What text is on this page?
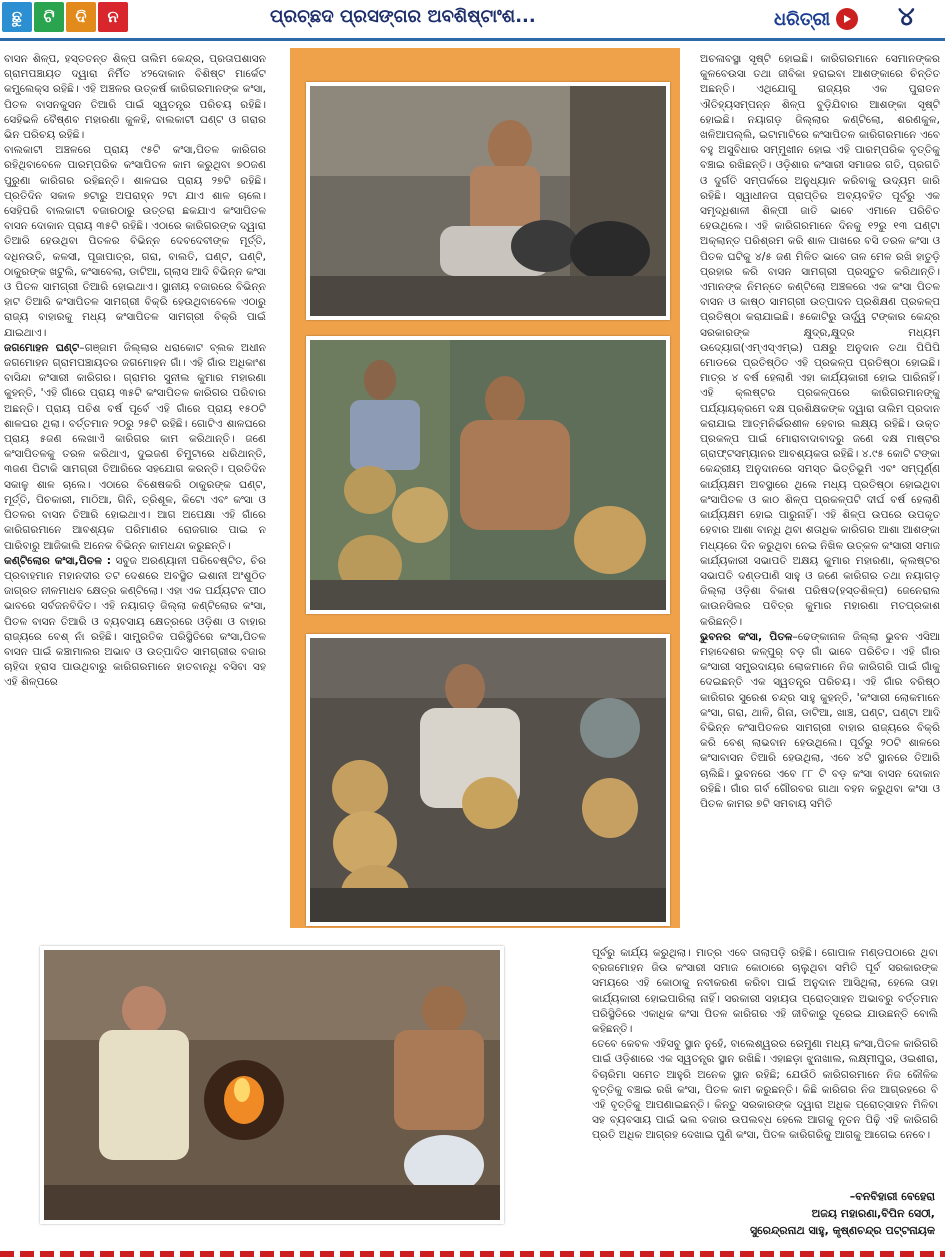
ଛୁ	ଟି	ଦି	ନ	ପ୍ରଚ୍ଛଦ ପ୍ରସଙ୍ଗର ଅବଶିଷ୍ଟାଂଶ...	ଧରିତ୍ରୀ	୪

ବାସନ ଶିଳ୍ପ, ହସ୍ତତନ୍ତ ଶିଳ୍ପ ତାଲିମ କେନ୍ଦ୍ର, ପ୍ରତାପଶାସନ ଗ୍ରାମପଞ୍ଚାୟତ ଦ୍ୱାରା ନିର୍ମିତ ୪୨ଦୋକାନ ବିଶିଷ୍ଟ ମାର୍କେଟ କମ୍ପ୍ଲେକ୍ସ ରହିଛି। ଏହି ଅଞ୍ଚଳର ଉତ୍କର୍ଷ କାରିଗରମାନଙ୍କ କଂସା, ପିତଳ ବାସନକୁସନ ତିଆରି ପାଇଁ ସ୍ୱତନ୍ତ୍ର ପରିଚୟ ରହିଛି। ସେହିଭଳି ବୈଷ୍ଣବ ମହାରଣା କୁଳହି, ବାଲକାଟୀ ଘଣ୍ଟ ଓ ଗରାର ଭିନ ପରିଚୟ ରହିଛି।

ବାଲକାଟୀ ଅଞ୍ଚଳରେ ପ୍ରାୟ ୯୫ଟି କଂସା,ପିତଳ କାରିଗର ରହିଥିବାବେଳେ ପାରମ୍ପରିକ କଂସାପିତଳ କାମ କରୁଥିବା ୭୦ଜଣ ପୁରୁଣା କାରିଗର ରହିଛନ୍ତି। ଶାଳଘର ପ୍ରାୟ ୨୭ଟି ରହିଛି। ପ୍ରତିଦିନ ସକାଳ ୭ଟାରୁ ଅପରାହ୍ନ ୨ଟା ଯାଏ ଶାଳ ଚାଲେ। ସେହିପରି ବାଲକାଟୀ ବଜାରଠାରୁ ଉତ୍ତରା ଛକଯାଏ କଂସାପିତଳ ବାସନ ଦୋକାନ ପ୍ରାୟ ୩୫ଟି ରହିଛି। ଏଠାରେ କାରିଗରଙ୍କ ଦ୍ୱାରା ତିଆରି ହେଉଥିବା ପିତଳର ବିଭିନ୍ନ ଦେବଦେବୀଙ୍କ ମୂର୍ତ୍ତି, ଦଧିନଉତି, କଳସୀ, ପୂଜାପାତ୍ର, ଗରା, ବାଲତି, ଘଣ୍ଟ, ଘଣ୍ଟି, ଠାକୁରଙ୍କ ଖଟୁଲି, କଂସାବେଲା, ଡାଟିଆ, ଗ୍ଲାସ ଆଦି ବିଭିନ୍ନ କଂସା ଓ ପିତଳ ସାମଗ୍ରୀ ତିଆରି ହୋଇଥାଏ। ସ୍ଥାନୀୟ ବଜାରରେ ବିଭିନ୍ନ ହାଟ ତିଆରି କଂସାପିତଳ ସାମଗ୍ରୀ ବିକ୍ରି ହେଉଥିବାବେଳେ ଏଠାରୁ ରାଜ୍ୟ ବାହାରକୁ ମଧ୍ୟ କଂସାପିତଳ ସାମଗ୍ରୀ ବିକ୍ରି ପାଇଁ ଯାଇଥାଏ।

ଜଗମୋହନ ଘଣ୍ଟ–ଗଞ୍ଜାମ ଜିଲ୍ଲାର ଧରାକୋଟ ବ୍ଲକ ଅଧୀନ ଜଗମୋହନ ଗ୍ରାମପଞ୍ଚାୟତର ଜଗମୋହନ ଗାଁ। ଏହି ଗାଁର ଅଧିକାଂଶ ବାସିନ୍ଦା କଂସାରୀ କାରିଗର। ଗ୍ରାମର ସୁନୀଲ କୁମାର ମହାରଣା କୁହନ୍ତି, 'ଏହି ଗାଁରେ ପ୍ରାୟ ୩୫ଟି କଂସାପିତଳ କାରିଗର ପରିବାର ଅଛନ୍ତି। ପ୍ରାୟ ପଚିଶ ବର୍ଷ ପୂର୍ବେ ଏହି ଗାଁରେ ପ୍ରାୟ ୧୫୦ଟି ଶାଳଘର ଥିଲା। ବର୍ତ୍ତମାନ ୨୦ରୁ ୨୫ଟି ରହିଛି। ଗୋଟିଏ ଶାଳଘରେ ପ୍ରାୟ ୫ଜଣ ଲେଖାଏଁ କାରିଗର କାମ କରିଥାନ୍ତି। ଜଣେ କଂସାପିତଳକୁ ତରଳ କରିଥାଏ, ଦୁଇଜଣ ଚିମୁଟାରେ ଧରିଥାନ୍ତି, ୩ଜଣ ପିଟାକି ସାମଗ୍ରୀ ତିଆରିରେ ସହଯୋଗ କରନ୍ତି। ପ୍ରତିଦିନ ସକାଳୁ ଶାଳ ଚାଲେ। ଏଠାରେ ବିଶେଷକରି ଠାକୁରଙ୍କ ଘଣ୍ଟ, ମୂର୍ତ୍ତି, ପିଚକାରୀ, ମାଠିଆ, ଗିନି, ତ୍ରିଶୂଳ, କିଟୋ ଏବଂ କଂସା ଓ ପିତଳର ବାସନ ତିଆରି ହୋଇଥାଏ। ଆଗ ଅପେକ୍ଷା ଏହି ଗାଁରେ କାରିଗରମାନେ ଆବଶ୍ୟକ ପରିମାଣର ରୋଜଗାର ପାଇ ନ ପାରିବାରୁ ଆଜିକାଲି ଅନେକ ବିଭିନ୍ନ କାମଧନ୍ଦା କରୁଛନ୍ତି।

କଣ୍ଟିଲୋର କଂସା,ପିତଳ : ସବୁଜ ଅରଣ୍ୟାନୀ ପରିବେଷ୍ଟିତ, ଚିର ପ୍ରବାହମାନ ମହାନଦୀର ତଟ ଦେଶରେ ଅବସ୍ଥିତ ଇଶାନୀ ଅଂଶୁଠିତ ଜାଗ୍ରତ ନୀଳମାଧବ କ୍ଷେତ୍ର କଣ୍ଟିଲୋ। ଏହା ଏକ ପର୍ଯ୍ୟଟନ ପୀଠ ଭାବରେ ସର୍ବଜନବିଦିତ। ଏହି ନୟାଗଡ଼ ଜିଲ୍ଲା କଣ୍ଟିଲୋର କଂସା, ପିତଳ ବାସନ ତିଆରି ଓ ବ୍ୟବସାୟ କ୍ଷେତ୍ରରେ ଓଡ଼ିଶା ଓ ବାହାର ରାଜ୍ୟରେ ବେଶ୍ ନାଁ ରହିଛି। ସାମ୍ପ୍ରତିକ ପରିସ୍ଥିତିରେ କଂସା,ପିତଳ ବାସନ ପାଇଁ କଞ୍ଚାମାଲର ଅଭାବ ଓ ଉତ୍ପାଦିତ ସାମଗ୍ରୀର ବଜାର ଚାହିଦା ହ୍ରାସ ପାଉଥିବାରୁ କାରିଗରମାନେ ହାତବାନ୍ଧି ବସିବା ସହ ଏହି ଶିଳ୍ପରେ

ଅଚଳାବସ୍ଥା ସୃଷ୍ଟି ହୋଇଛି। କାରିଗରମାନେ ସେମାନଙ୍କର କୁଳବେଉସା ତଥା ଜୀବିକା ହରାଇବା ଆଶଙ୍କାରେ ଚିନ୍ତିତ ଅଛନ୍ତି। ଏଥିଯୋଗୁ ରାଜ୍ୟର ଏକ ପୁରାତନ ଐତିହ୍ୟସମ୍ପନ୍ନ ଶିଳ୍ପ ବୁଡ଼ିଯିବାର ଆଶଙ୍କା ସୃଷ୍ଟି ହୋଇଛି। ନୟାଗଡ଼ ଜିଲ୍ଲାର କଣ୍ଟିଲୋ, ଶରଣକୁଳ, ଖଳିଆପଲ୍ଲି, ଇଟାମାଟିରେ କଂସାପିତଳ କାରିଗରମାନେ ଏବେ ବହୁ ଅସୁବିଧାର ସମ୍ମୁଖୀନ ହୋଇ ଏହି ପାରମ୍ପରିକ ବୃତ୍ତିକୁ ବଞ୍ଚାଇ ରଖିଛନ୍ତି। ଓଡ଼ିଶାର କଂସାରୀ ସମାଜର ଗତି, ପ୍ରଗତି ଓ ଦୁର୍ଗତି ସମ୍ପର୍କରେ ଅନୁଧ୍ୟାନ କରିବାକୁ ଉଦ୍ୟମ ଜାରି ରହିଛି। ସ୍ୱାଧୀନତା ପ୍ରାପ୍ତିର ଅବ୍ୟବହିତ ପୂର୍ବରୁ ଏକ ସମୃଦ୍ଧିଶାଳୀ ଶିଳ୍ପୀ ଜାତି ଭାବେ ଏମାନେ ପରିଚିତ ହେଉଥିଲେ। ଏହି କାରିଗରମାନେ ଦିନକୁ ୧୨ରୁ ୧୩ ଘଣ୍ଟା ଅକ୍ଲାନ୍ତ ପରିଶ୍ରମ କରି ଶାଳ ପାଖରେ ବସି ତରଳ କଂସା ଓ ପିତଳ ଘଟିକୁ ୪/୫ ଜଣ ମିଳିତ ଭାବେ ତାଳ ମେଳ ରଖି ହାତୁଡ଼ି ପ୍ରହାର କରି ବାସନ ସାମଗ୍ରୀ ପ୍ରସ୍ତୁତ କରିଥାନ୍ତି। ଏମାନଙ୍କ ନିମନ୍ତେ କଣ୍ଟିଲୋ ଅଞ୍ଚଳରେ ଏକ କଂସା ପିତଳ ବାସନ ଓ କାଷ୍ଠ ସାମଗ୍ରୀ ଉତ୍ପାଦନ ପ୍ରଶିକ୍ଷଣ ପ୍ରକଳ୍ପ ପ୍ରତିଷ୍ଠା କରାଯାଇଛି। ୫କୋଟିରୁ ଊର୍ଦ୍ଧ୍ୱ ଟଙ୍କାର କେନ୍ଦ୍ର ସରକାରଙ୍କ କ୍ଷୁଦ୍ର,କ୍ଷୁଦ୍ର ମଧ୍ୟମ ଉଦ୍ୟୋଗ(ଏମ୍ଏସ୍ଏମ୍ଇ) ପକ୍ଷରୁ ଅନୁଦାନ ତଥା ପିପିପି ମୋଡରେ ପ୍ରତିଷ୍ଠିତ ଏହି ପ୍ରକଳ୍ପ ପ୍ରତିଷ୍ଠା ହୋଇଛି। ମାତ୍ର ୪ ବର୍ଷ ହେଲାଣି ଏହା କାର୍ଯ୍ୟକାରୀ ହୋଇ ପାରିନାହିଁ। ଏହି କ୍ଲଷ୍ଟର ପ୍ରକଳ୍ପରେ କାରିଗରମାନଙ୍କୁ ପର୍ଯ୍ୟାୟକ୍ରମେ ଦକ୍ଷ ପ୍ରଶିକ୍ଷକଙ୍କ ଦ୍ୱାରା ତାଲିମ ପ୍ରଦାନ କରାଯାଇ ଆତ୍ମନିର୍ଭରଶୀଳ ହେବାର ଲକ୍ଷ୍ୟ ରହିଛି। ଉକ୍ତ ପ୍ରକଳ୍ପ ପାଇଁ ମୋରାବାଦାବାଦରୁ ଜଣେ ଦକ୍ଷ ମାଷ୍ଟର ଗ୍ରାଫ୍ଟସମ୍ୟାନର ଆବଶ୍ୟକତା ରହିଛି। ୪.୯୫ କୋଟି ଟଙ୍କା କେନ୍ଦ୍ରୀୟ ଅନୁଦାନରେ ସମସ୍ତ ଭିତ୍ତିଭୂମି ଏବଂ ସମ୍ପୂର୍ଣ୍ଣ କାର୍ଯ୍ୟକ୍ଷମ ଅବସ୍ଥାରେ ଥିଲେ ମଧ୍ୟ ପ୍ରତିଷ୍ଠା ହୋଇଥିବା କଂସାପିତଳ ଓ କାଠ ଶିଳ୍ପ ପ୍ରକଳ୍ପଟି ଦୀର୍ଘ ବର୍ଷ ହେଲାଣି କାର୍ଯ୍ୟକ୍ଷମ ହୋଇ ପାରୁନାହିଁ। ଏହି ଶିଳ୍ପ ଉପରେ ଉପକୃତ ହେବାର ଆଶା ବାନ୍ଧି ଥିବା ଶତାଧିକ କାରିଗର ଆଶା ଆଶଙ୍କା ମଧ୍ୟରେ ଦିନ କରୁଥିବା ନେଇ ନିଖିଳ ଉତ୍କଳ କଂସାରୀ ସମାଜ କାର୍ଯ୍ୟକାରୀ ସଭାପତି ଅକ୍ଷୟ କୁମାର ମହାରଣା, କ୍ଲଷ୍ଟର ସଭାପତି ଦଣ୍ଡପାଣି ସାହୁ ଓ ଜଣେ କାରିଗର ତଥା ନୟାଗଡ଼ ଜିଲ୍ଲା ଓଡ଼ିଶା ବିକାଶ ପରିଷଦ(ହସ୍ତଶିଳ୍ପ) ଜେନେରାଲ କାଉନସିଲର ପବିତ୍ର କୁମାର ମହାରଣା ମତପ୍ରକାଶ କରିଛନ୍ତି।

ଭୁବନର କଂସା, ପିତଳ–ଢେଙ୍କାନାଳ ଜିଲ୍ଲା ଭୁବନ ଏସିଆ ମହାଦେଶର କଳ୍ପୁର୍ ବଡ଼ ଗାଁ ଭାବେ ପରିଚିତ। ଏହି ଗାଁର କଂସାରୀ ସମ୍ପ୍ରଦାୟର ଲୋକମାନେ ନିଜ କାରିଗରି ପାଇଁ ଗାଁକୁ ଦେଇଛନ୍ତି ଏକ ସ୍ୱତନ୍ତ୍ର ପରିଚୟ। ଏହି ଗାଁର ବରିଷ୍ଠ କାରିଗର ସୁରେଶ ଚନ୍ଦ୍ର ସାହୁ କୁହନ୍ତି, 'କଂସାରୀ ଲୋକମାନେ କଂସା, ଗରା, ଥାଳି, ଗିନା, ଡାଟିଆ, ଖାଞ୍ଚ, ଘଣ୍ଟ, ଘଣ୍ଟା ଆଦି ବିଭିନ୍ନ କଂସାପିତଳର ସାମଗ୍ରୀ ବାହାର ରାଜ୍ୟରେ ବିକ୍ରି କରି ବେଶ୍ ଲାଭବାନ ହେଉଥିଲେ। ପୂର୍ବରୁ ୨୦ଟି ଶାଳରେ କଂସାବାସନ ତିଆରି ହେଉଥିଲା, ଏବେ ୪ଟି ସ୍ଥାନରେ ତିଆରି ଚାଲିଛି। ଭୁବନରେ ଏବେ ୮୮ ଟି ବଡ଼ କଂସା ବାସନ ଦୋକାନ ରହିଛି। ଗାଁର ଗର୍ବ ଗୌରବର ଗାଥା ବହନ କରୁଥିବା କଂସା ଓ ପିତଳ କାମର ୭ଟି ସମବାୟ ସମିତି

ପୂର୍ବରୁ କାର୍ଯ୍ୟ କରୁଥିଲା। ମାତ୍ର ଏବେ ତାଲାପଡ଼ି ରହିଛି। ଗୋପାଳ ମଣ୍ଡପଠାରେ ଥିବା ବ୍ରଜମୋହନ ଜିଉ କଂସାରୀ ସମାଜ କୋଠାରେ ଚାଲୁଥିବା ସମିତି ପୂର୍ବ ସରକାରଙ୍କ ସମୟରେ ଏହି କୋଠାକୁ ନବୀକରଣ କରିବା ପାଇଁ ଅନୁଦାନ ଆସିଥିଲା, ହେଲେ ତାହା କାର୍ଯ୍ୟକାରୀ ହୋଇପାରିଲା ନାହିଁ। ସରକାରୀ ସହାୟତା ପ୍ରୋତ୍ସାହନ ଅଭାବରୁ ବର୍ତ୍ତମାନ ପରିସ୍ଥିତିରେ ଏକାଧିକ କଂସା ପିତଳ କାରିଗର ଏହି ଜୀବିକାରୁ ଦୂରେଇ ଯାଉଛନ୍ତି ବୋଲି କହିଛନ୍ତି।

ତେବେ କେବଳ ଏହିସବୁ ସ୍ଥାନ ନୁହେଁ, ବାଲେଶ୍ୱରର ରେମୁଣା ମଧ୍ୟ କଂସା,ପିତଳ କାରିଗରି ପାଇଁ ଓଡ଼ିଶାରେ ଏକ ସ୍ୱତନ୍ତ୍ର ସ୍ଥାନ ରଖିଛି। ଏହାଛଡ଼ା ଝୁନାଖାଲ, ଲକ୍ଷ୍ମୀପୁର, ଓଇଶୀରା, ବିଚାରିମା ସମେତ ଆହୁରି ଅନେକ ସ୍ଥାନ ରହିଛି; ଯେଉଁଠି କାରିଗରମାନେ ନିଜ କୌଳିକ ବୃତ୍ତିକୁ ବଞ୍ଚାଇ ରଖି କଂସା, ପିତଳ କାମ କରୁଛନ୍ତି। କିଛି କାରିଗର ନିଜ ଆଗ୍ରହରେ ବି ଏହି ବୃତ୍ତିକୁ ଆପଣାଇଛନ୍ତି। କିନ୍ତୁ ସରକାରଙ୍କ ଦ୍ୱାରା ଅଧିକ ପ୍ରୋତ୍ସାହନ ମିଳିବା ସହ ବ୍ୟବସାୟ ପାଇଁ ଭଲ ବଜାର ଉପଲବ୍ଧ ହେଲେ ଆଗକୁ ନୂତନ ପିଢ଼ି ଏହି କାରିଗରି ପ୍ରତି ଅଧିକ ଆଗ୍ରହ ଦେଖାଇ ପୁଣି କଂସା, ପିତଳ କାରିଗରିକୁ ଆଗକୁ ଆଗେଇ ନେବେ।

–ବନବିହାରୀ ବେହେରା
ଅଜୟ ମହାରଣା,ବିପିନ ସେଠୀ,
ସୁରେନ୍ଦ୍ରନାଥ ସାହୁ, କୃଷ୍ଣଚନ୍ଦ୍ର ପଟ୍ଟନାୟକ
